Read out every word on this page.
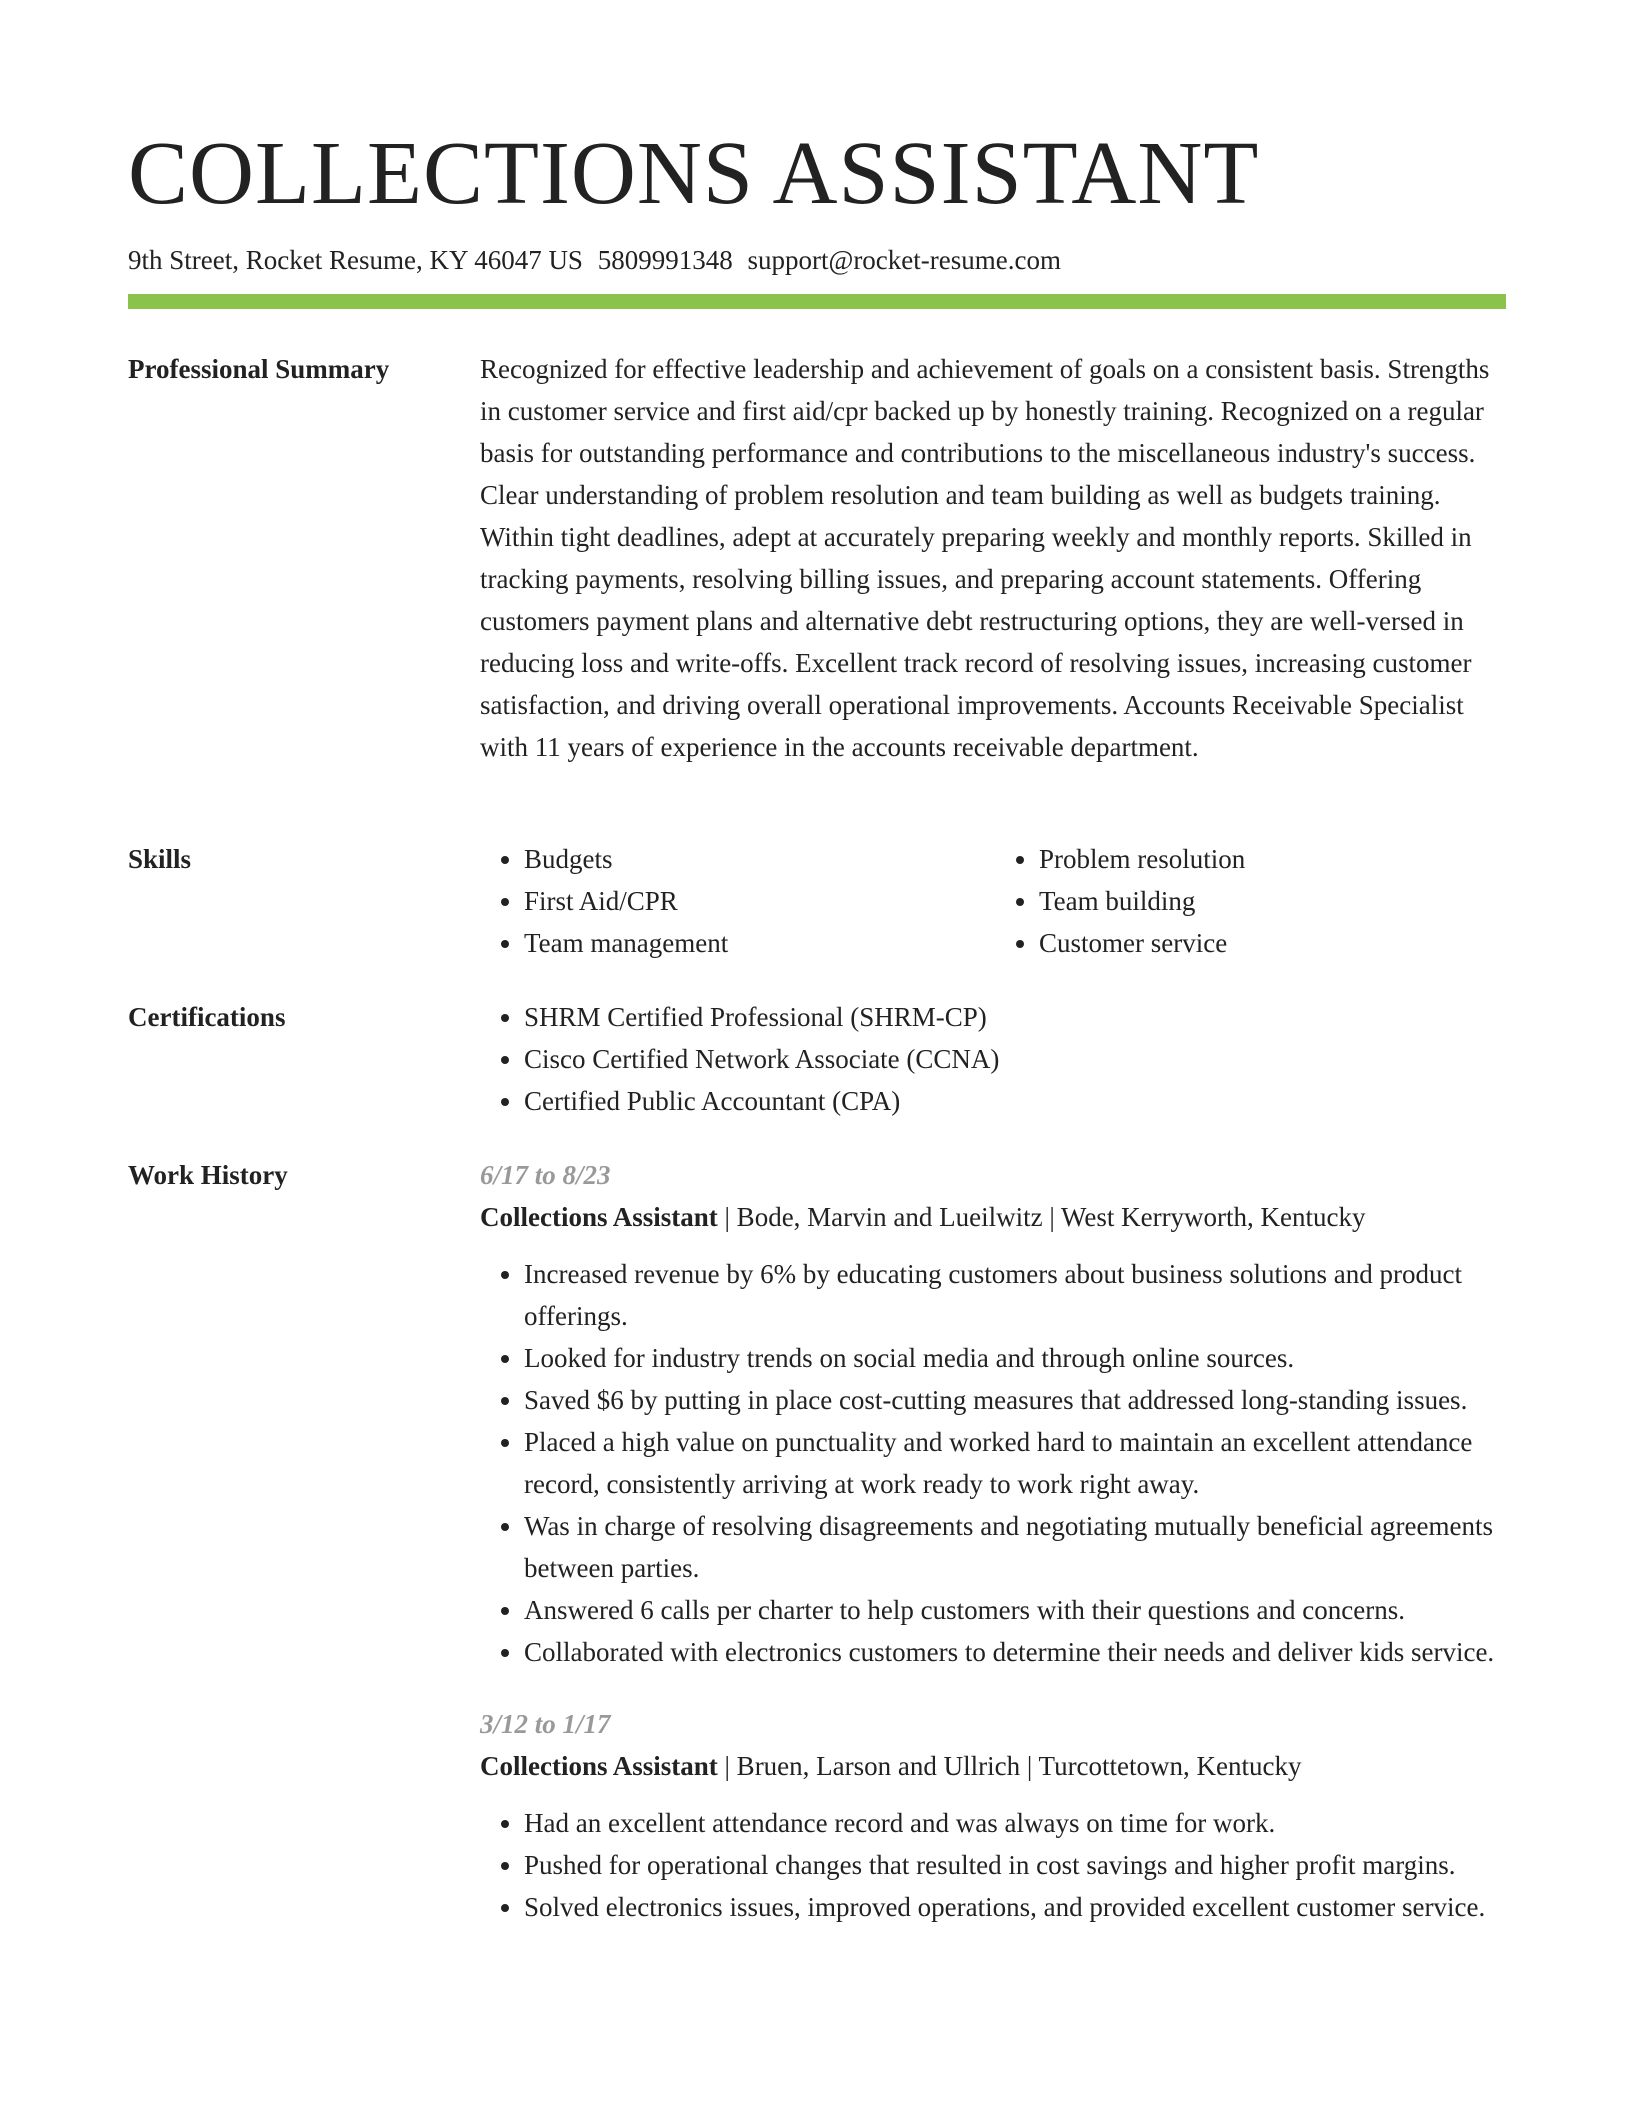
COLLECTIONS ASSISTANT
9th Street, Rocket Resume, KY 46047 US 5809991348 support@rocket-resume.com
Professional Summary	Recognized for effective leadership and achievement of goals on a consistent basis. Strengths in customer service and first aid/cpr backed up by honestly training. Recognized on a regular basis for outstanding performance and contributions to the miscellaneous industry's success. Clear understanding of problem resolution and team building as well as budgets training. Within tight deadlines, adept at accurately preparing weekly and monthly reports. Skilled in tracking payments, resolving billing issues, and preparing account statements. Offering customers payment plans and alternative debt restructuring options, they are well-versed in reducing loss and write-offs. Excellent track record of resolving issues, increasing customer satisfaction, and driving overall operational improvements. Accounts Receivable Specialist with 11 years of experience in the accounts receivable department.

Skills	• Budgets
• First Aid/CPR
• Team management
• Problem resolution
• Team building
• Customer service
Certifications	• SHRM Certified Professional (SHRM-CP)
• Cisco Certified Network Associate (CCNA)
• Certified Public Accountant (CPA)
Work History	6/17 to 8/23
Collections Assistant | Bode, Marvin and Lueilwitz | West Kerryworth, Kentucky
• Increased revenue by 6% by educating customers about business solutions and product offerings.
• Looked for industry trends on social media and through online sources.
• Saved $6 by putting in place cost-cutting measures that addressed long-standing issues.
• Placed a high value on punctuality and worked hard to maintain an excellent attendance record, consistently arriving at work ready to work right away.
• Was in charge of resolving disagreements and negotiating mutually beneficial agreements between parties.
• Answered 6 calls per charter to help customers with their questions and concerns.
• Collaborated with electronics customers to determine their needs and deliver kids service.
3/12 to 1/17
Collections Assistant | Bruen, Larson and Ullrich | Turcottetown, Kentucky
• Had an excellent attendance record and was always on time for work.
• Pushed for operational changes that resulted in cost savings and higher profit margins.
• Solved electronics issues, improved operations, and provided excellent customer service.
